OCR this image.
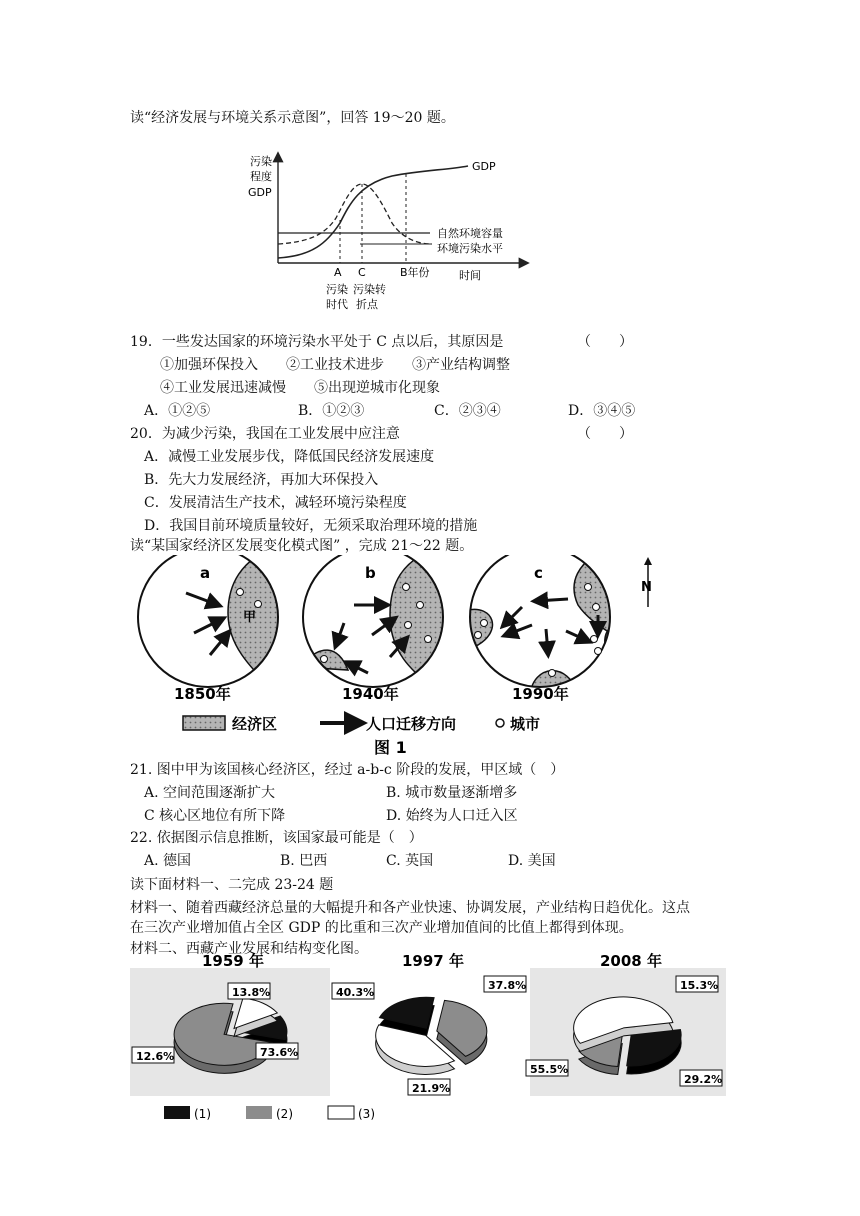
读“经济发展与环境关系示意图”，回答 19～20 题。
污染
程度
GDP
GDP
自然环境容量
环境污染水平
A C	B年份	时间
污染
时代
污染转
折点
19．一些发达国家的环境污染水平处于 C 点以后，其原因是	（　　）
①加强环保投入　　②工业技术进步　　③产业结构调整
④工业发展迅速减慢　　⑤出现逆城市化现象
A．①②⑤	B．①②③	C．②③④	D．③④⑤
20．为减少污染，我国在工业发展中应注意	（　　）
A．减慢工业发展步伐，降低国民经济发展速度
B．先大力发展经济，再加大环保投入
C．发展清洁生产技术，减轻环境污染程度
D．我国目前环境质量较好，无须采取治理环境的措施
读“某国家经济区发展变化模式图” ，完成 21～22 题。
甲
a	b	c
N
1850年	1940年	1990年
经济区	人口迁移方向	城市
图 1
21. 图中甲为该国核心经济区，经过 a-b-c 阶段的发展，甲区域（　）
A. 空间范围逐渐扩大	B. 城市数量逐渐增多
C 核心区地位有所下降	D. 始终为人口迁入区
22. 依据图示信息推断，该国家最可能是（　）
A. 德国	B. 巴西	C. 英国	D. 美国
读下面材料一、二完成 23-24 题
材料一、随着西藏经济总量的大幅提升和各产业快速、协调发展，产业结构日趋优化。这点
在三次产业增加值占全区 GDP 的比重和三次产业增加值间的比值上都得到体现。
材料二、西藏产业发展和结构变化图。
1959 年	1997 年	2008 年
13.8%
73.6%
12.6%
40.3%
37.8%
21.9%
15.3%
55.5%
29.2%
(1)	(2)	(3)
